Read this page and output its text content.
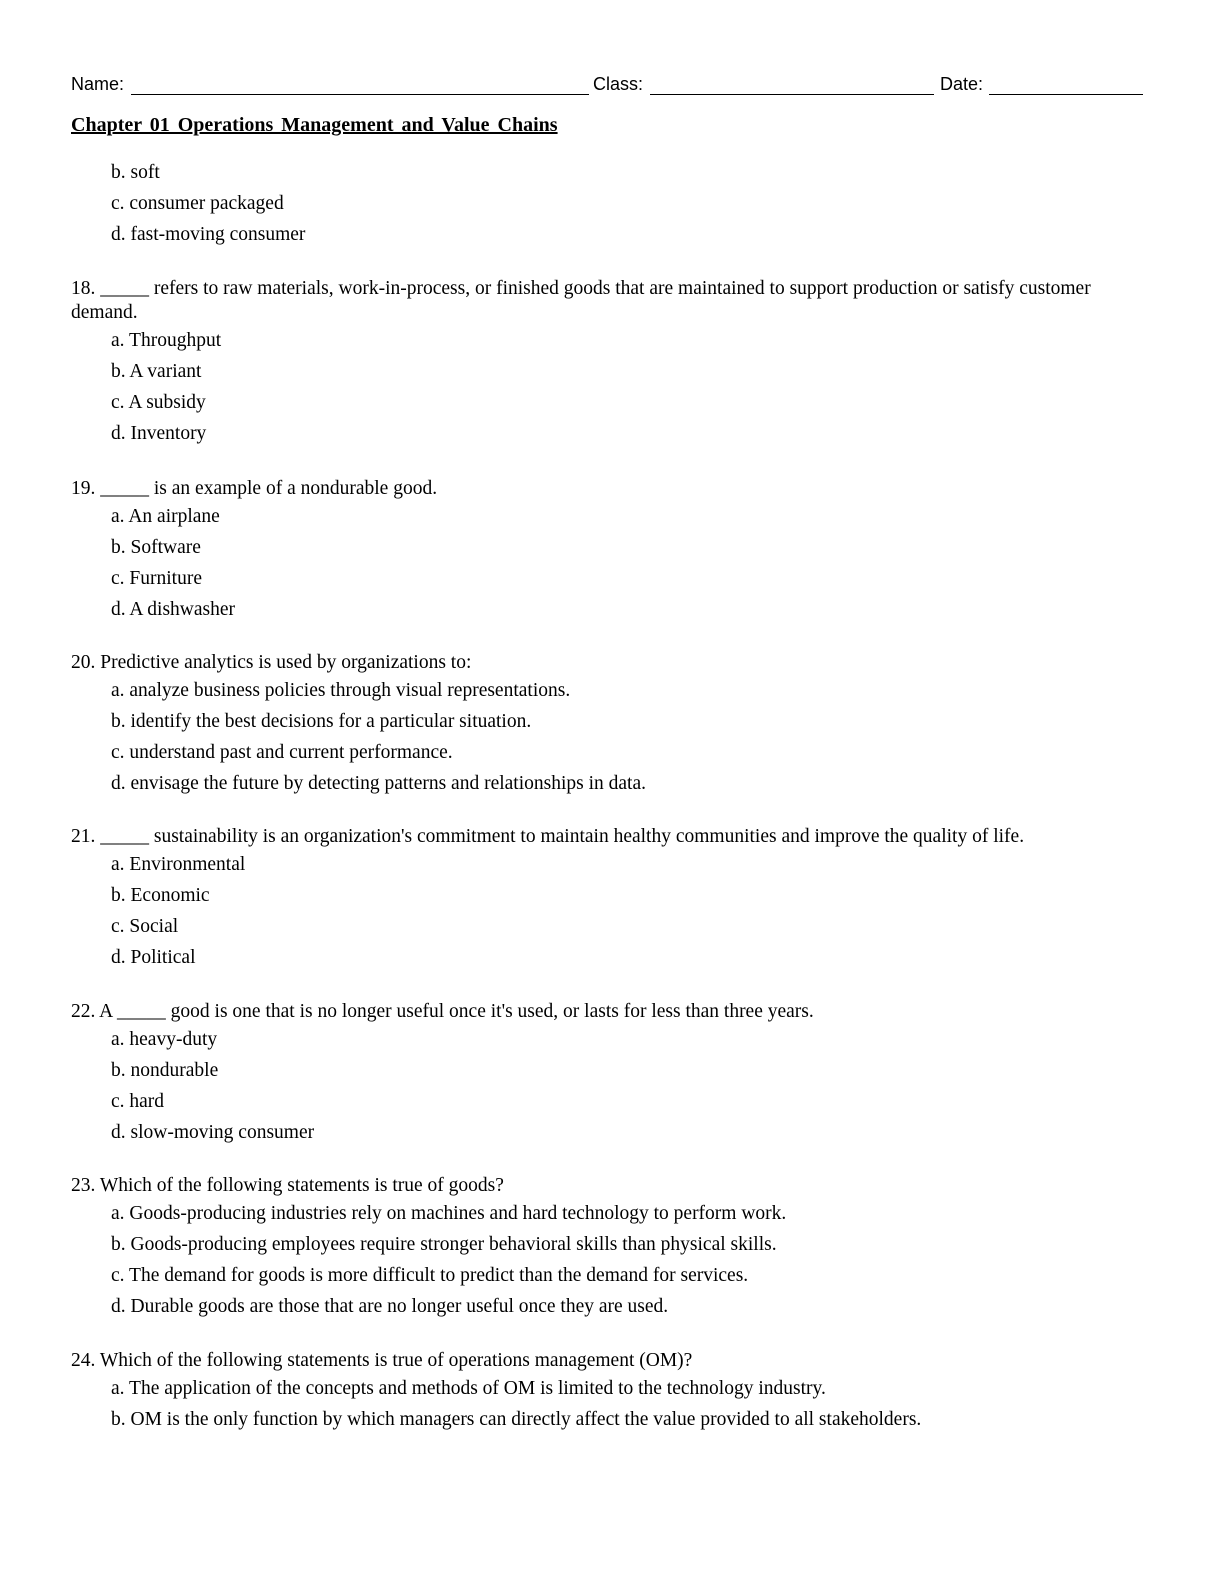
Name:	Class:	Date:
Chapter 01 Operations Management and Value Chains
b. soft
c. consumer packaged
d. fast-moving consumer
18. _____ refers to raw materials, work-in-process, or finished goods that are maintained to support production or satisfy customer demand.
a. Throughput
b. A variant
c. A subsidy
d. Inventory
19. _____ is an example of a nondurable good.
a. An airplane
b. Software
c. Furniture
d. A dishwasher
20. Predictive analytics is used by organizations to:
a. analyze business policies through visual representations.
b. identify the best decisions for a particular situation.
c. understand past and current performance.
d. envisage the future by detecting patterns and relationships in data.
21. _____ sustainability is an organization's commitment to maintain healthy communities and improve the quality of life.
a. Environmental
b. Economic
c. Social
d. Political
22. A _____ good is one that is no longer useful once it's used, or lasts for less than three years.
a. heavy-duty
b. nondurable
c. hard
d. slow-moving consumer
23. Which of the following statements is true of goods?
a. Goods-producing industries rely on machines and hard technology to perform work.
b. Goods-producing employees require stronger behavioral skills than physical skills.
c. The demand for goods is more difficult to predict than the demand for services.
d. Durable goods are those that are no longer useful once they are used.
24. Which of the following statements is true of operations management (OM)?
a. The application of the concepts and methods of OM is limited to the technology industry.
b. OM is the only function by which managers can directly affect the value provided to all stakeholders.
